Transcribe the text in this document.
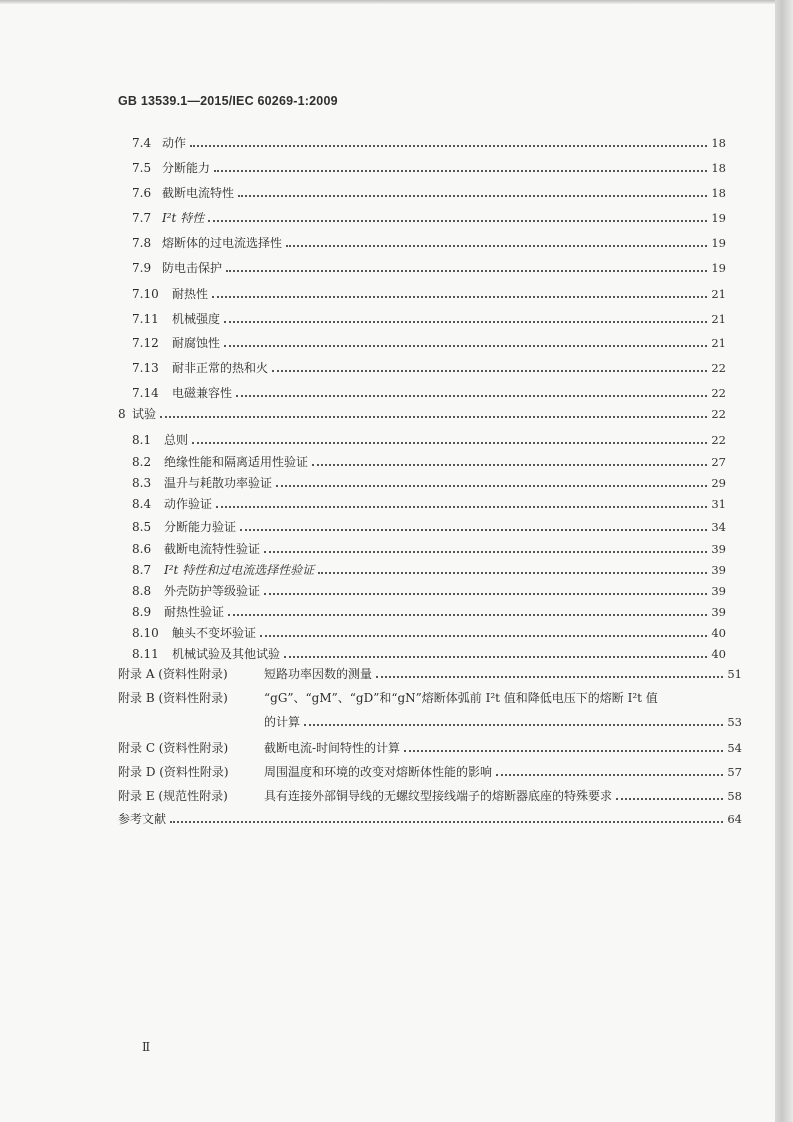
GB 13539.1—2015/IEC 60269-1:2009
7.4 动作	18
7.5 分断能力	18
7.6 截断电流特性	18
7.7 I²t 特性	19
7.8 熔断体的过电流选择性	19
7.9 防电击保护	19
7.10	耐热性	21
7.11	机械强度	21
7.12	耐腐蚀性	21
7.13	耐非正常的热和火	22
7.14	电磁兼容性	22
8 试验	22
8.1	总则	22
8.2	绝缘性能和隔离适用性验证	27
8.3	温升与耗散功率验证	29
8.4	动作验证	31
8.5	分断能力验证	34
8.6	截断电流特性验证	39
8.7	I²t 特性和过电流选择性验证	39
8.8	外壳防护等级验证	39
8.9	耐热性验证	39
8.10	触头不变坏验证	40
8.11	机械试验及其他试验	40
附录 A (资料性附录)	短路功率因数的测量	51
附录 B (资料性附录)	“gG”、“gM”、“gD”和“gN”熔断体弧前 I²t 值和降低电压下的熔断 I²t 值
的计算	53
附录 C (资料性附录)	截断电流-时间特性的计算	54
附录 D (资料性附录)	周围温度和环境的改变对熔断体性能的影响	57
附录 E (规范性附录)	具有连接外部铜导线的无螺纹型接线端子的熔断器底座的特殊要求	58
参考文献	64
Ⅱ
